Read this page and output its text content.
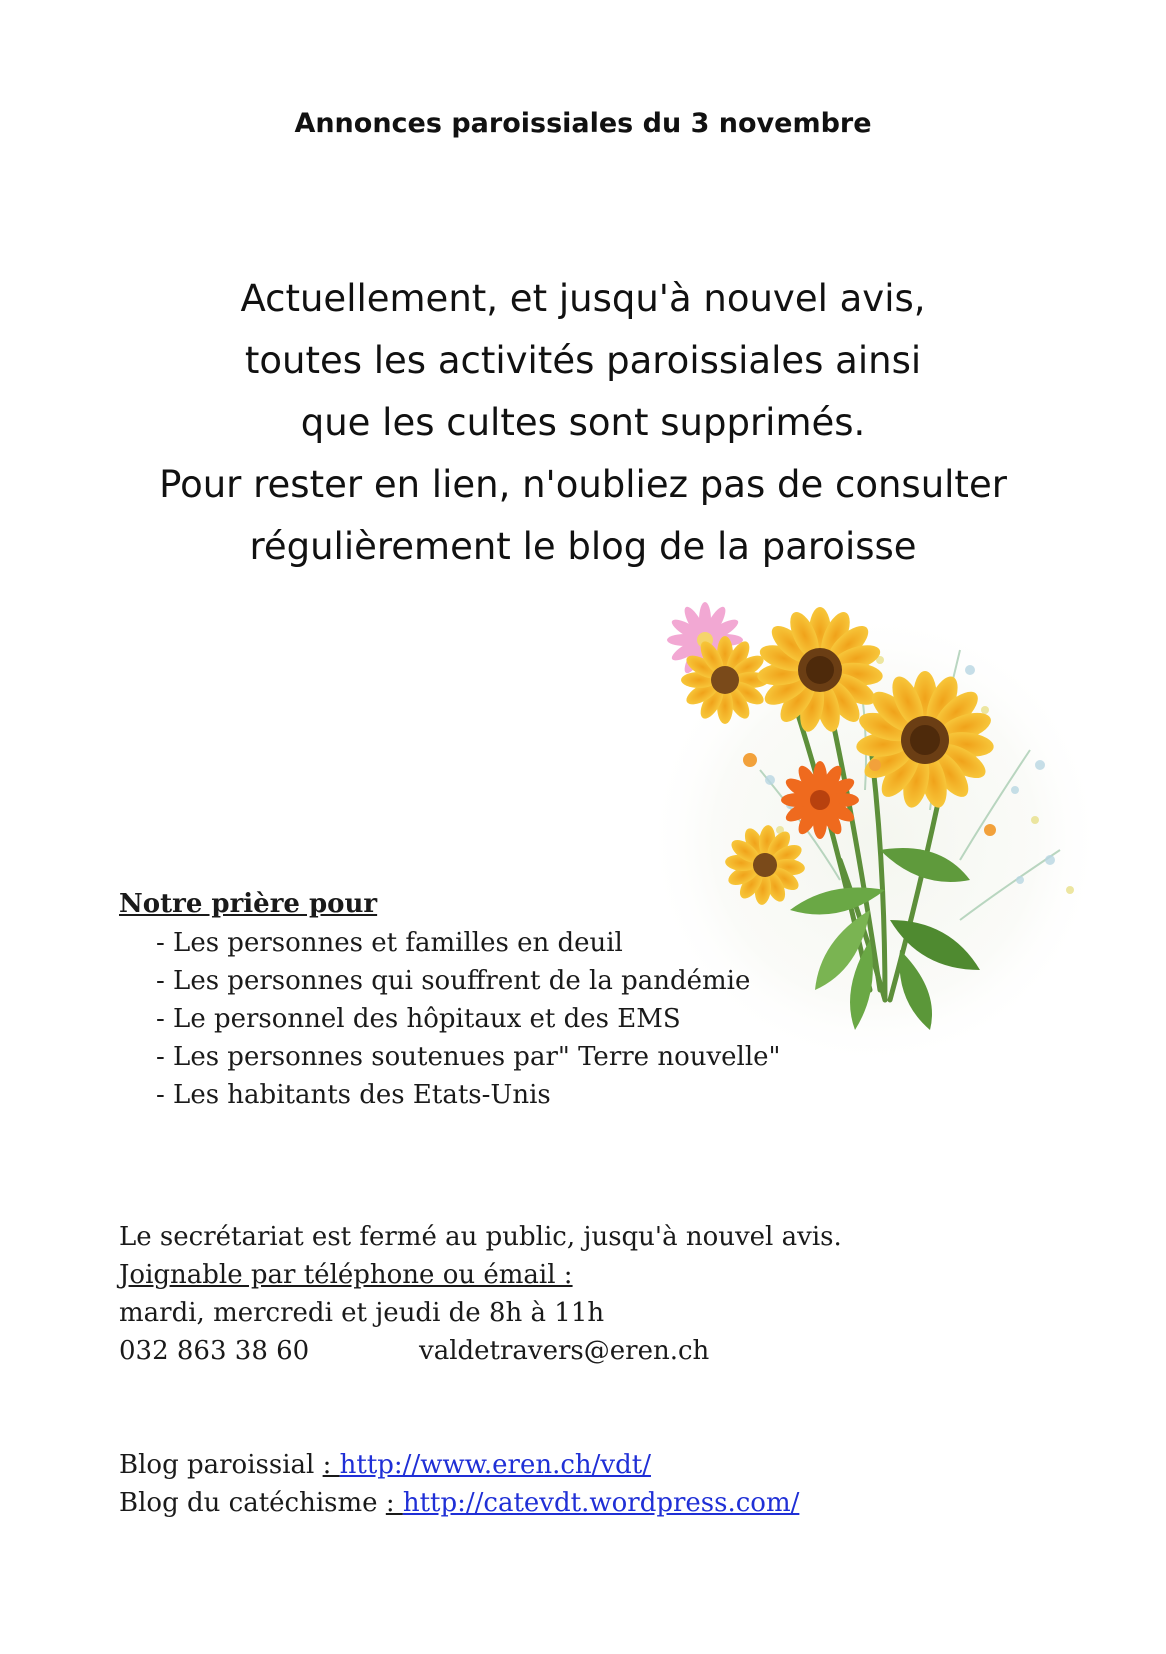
Annonces paroissiales du 3 novembre
Actuellement, et jusqu'à nouvel avis,
toutes les activités paroissiales ainsi
que les cultes sont supprimés.
Pour rester en lien, n'oubliez pas de consulter
régulièrement le blog de la paroisse

Notre prière pour

- Les personnes et familles en deuil
- Les personnes qui souffrent de la pandémie
- Le personnel des hôpitaux et des EMS
- Les personnes soutenues par" Terre nouvelle"
- Les habitants des Etats-Unis
Le secrétariat est fermé au public, jusqu'à nouvel avis.
Joignable par téléphone ou émail :
mardi, mercredi et jeudi de 8h à 11h
032 863 38 60	valdetravers@eren.ch
Blog paroissial : http://www.eren.ch/vdt/
Blog du catéchisme : http://catevdt.wordpress.com/
